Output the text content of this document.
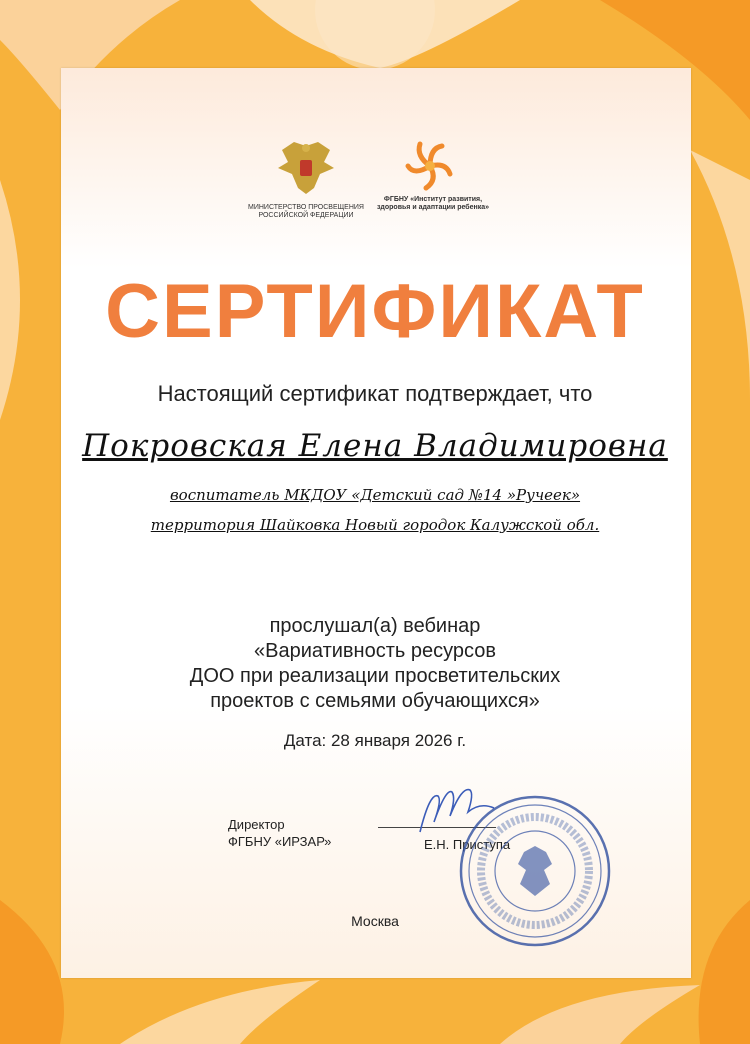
МИНИСТЕРСТВО ПРОСВЕЩЕНИЯ РОССИЙСКОЙ ФЕДЕРАЦИИ
ФГБНУ «Институт развития, здоровья и адаптации ребенка»
СЕРТИФИКАТ
Настоящий сертификат подтверждает, что
Покровская Елена Владимировна
воспитатель МКДОУ «Детский сад №14 »Ручеек»
территория Шайковка Новый городок Калужской обл.
прослушал(а) вебинар
«Вариативность ресурсов
ДОО при реализации просветительских
проектов с семьями обучающихся»
Дата: 28 января 2026 г.
Директор
ФГБНУ «ИРЗАР»	Е.Н. Приступа
Москва
